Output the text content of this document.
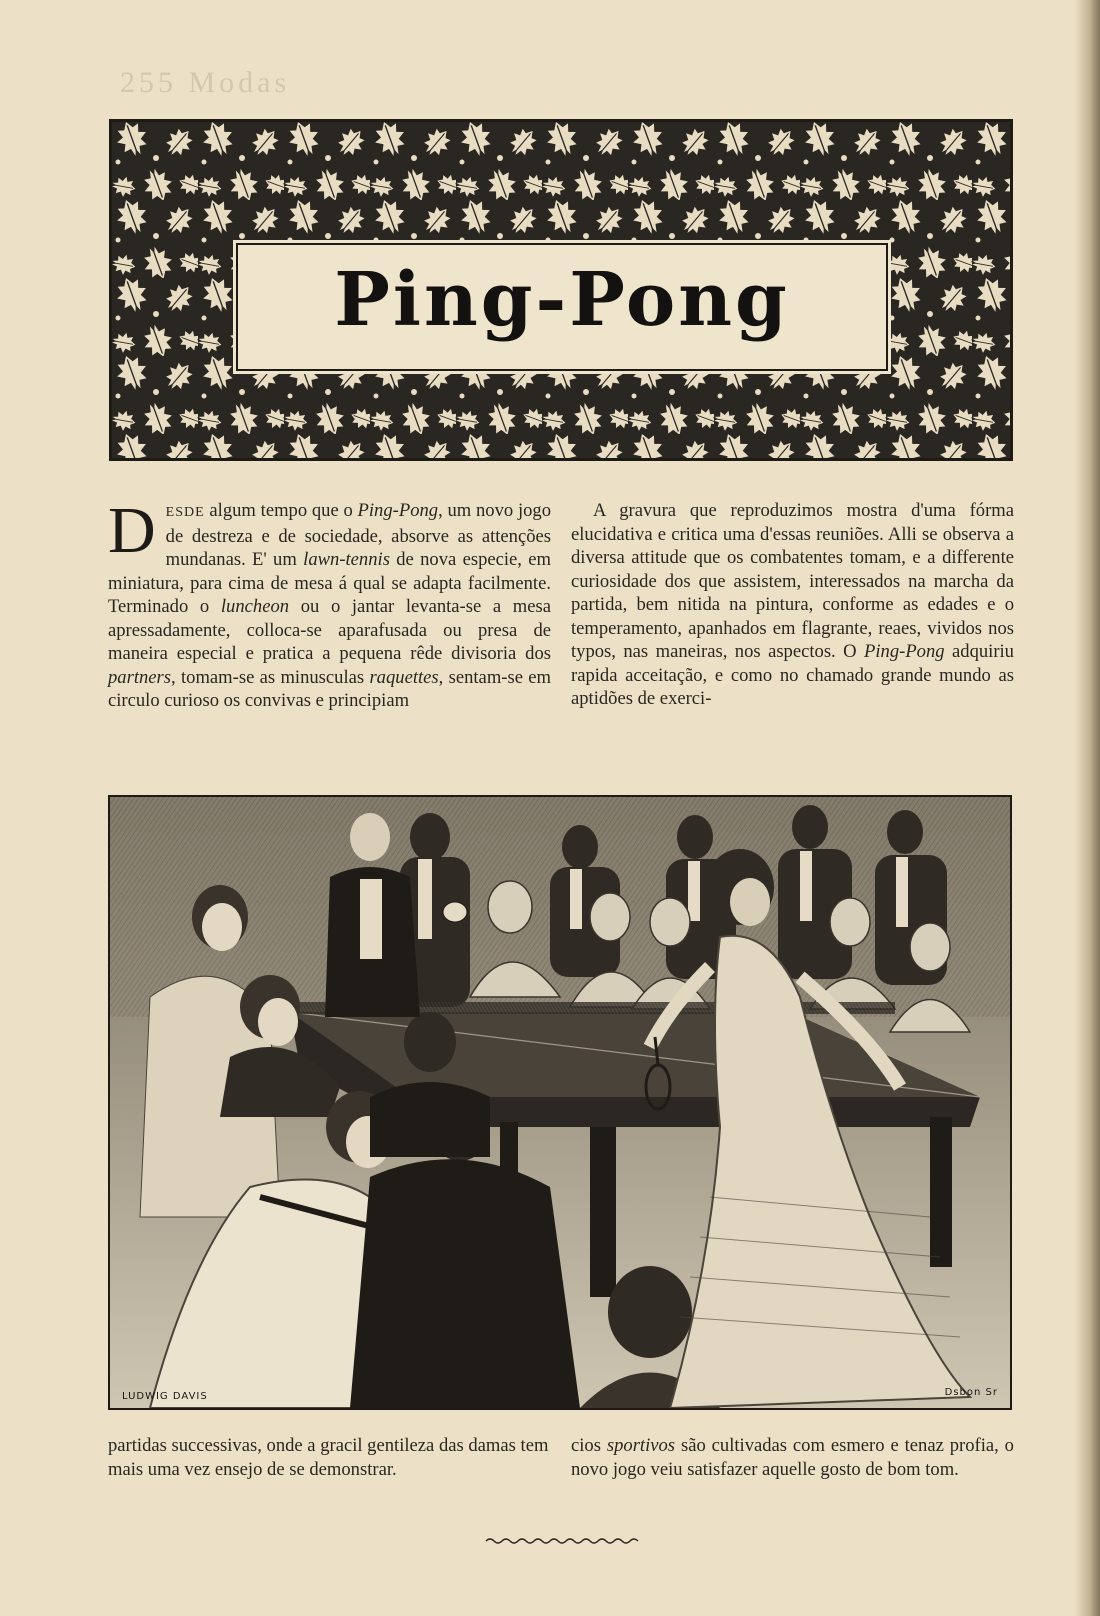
255 Modas
Ping-Pong

DESDE algum tempo que o Ping-Pong, um novo jogo de destreza e de sociedade, absorve as attenções mundanas. E' um lawn-tennis de nova especie, em miniatura, para cima de mesa á qual se adapta facilmente. Terminado o luncheon ou o jantar levanta-se a mesa apressadamente, colloca-se aparafusada ou presa de maneira especial e pratica a pequena rêde divisoria dos partners, tomam-se as minusculas raquettes, sentam-se em circulo curioso os convivas e principiam

A gravura que reproduzimos mostra d'uma fórma elucidativa e critica uma d'essas reuniões. Alli se observa a diversa attitude que os combatentes tomam, e a differente curiosidade dos que assistem, interessados na marcha da partida, bem nitida na pintura, conforme as edades e o temperamento, apanhados em flagrante, reaes, vividos nos typos, nas maneiras, nos aspectos. O Ping-Pong adquiriu rapida acceitação, e como no chamado grande mundo as aptidões de exerci-

LUDWIG DAVIS	Dsbon Sr

partidas successivas, onde a gracil gentileza das damas tem mais uma vez ensejo de se demonstrar.

cios sportivos são cultivadas com esmero e tenaz profia, o novo jogo veiu satisfazer aquelle gosto de bom tom.
